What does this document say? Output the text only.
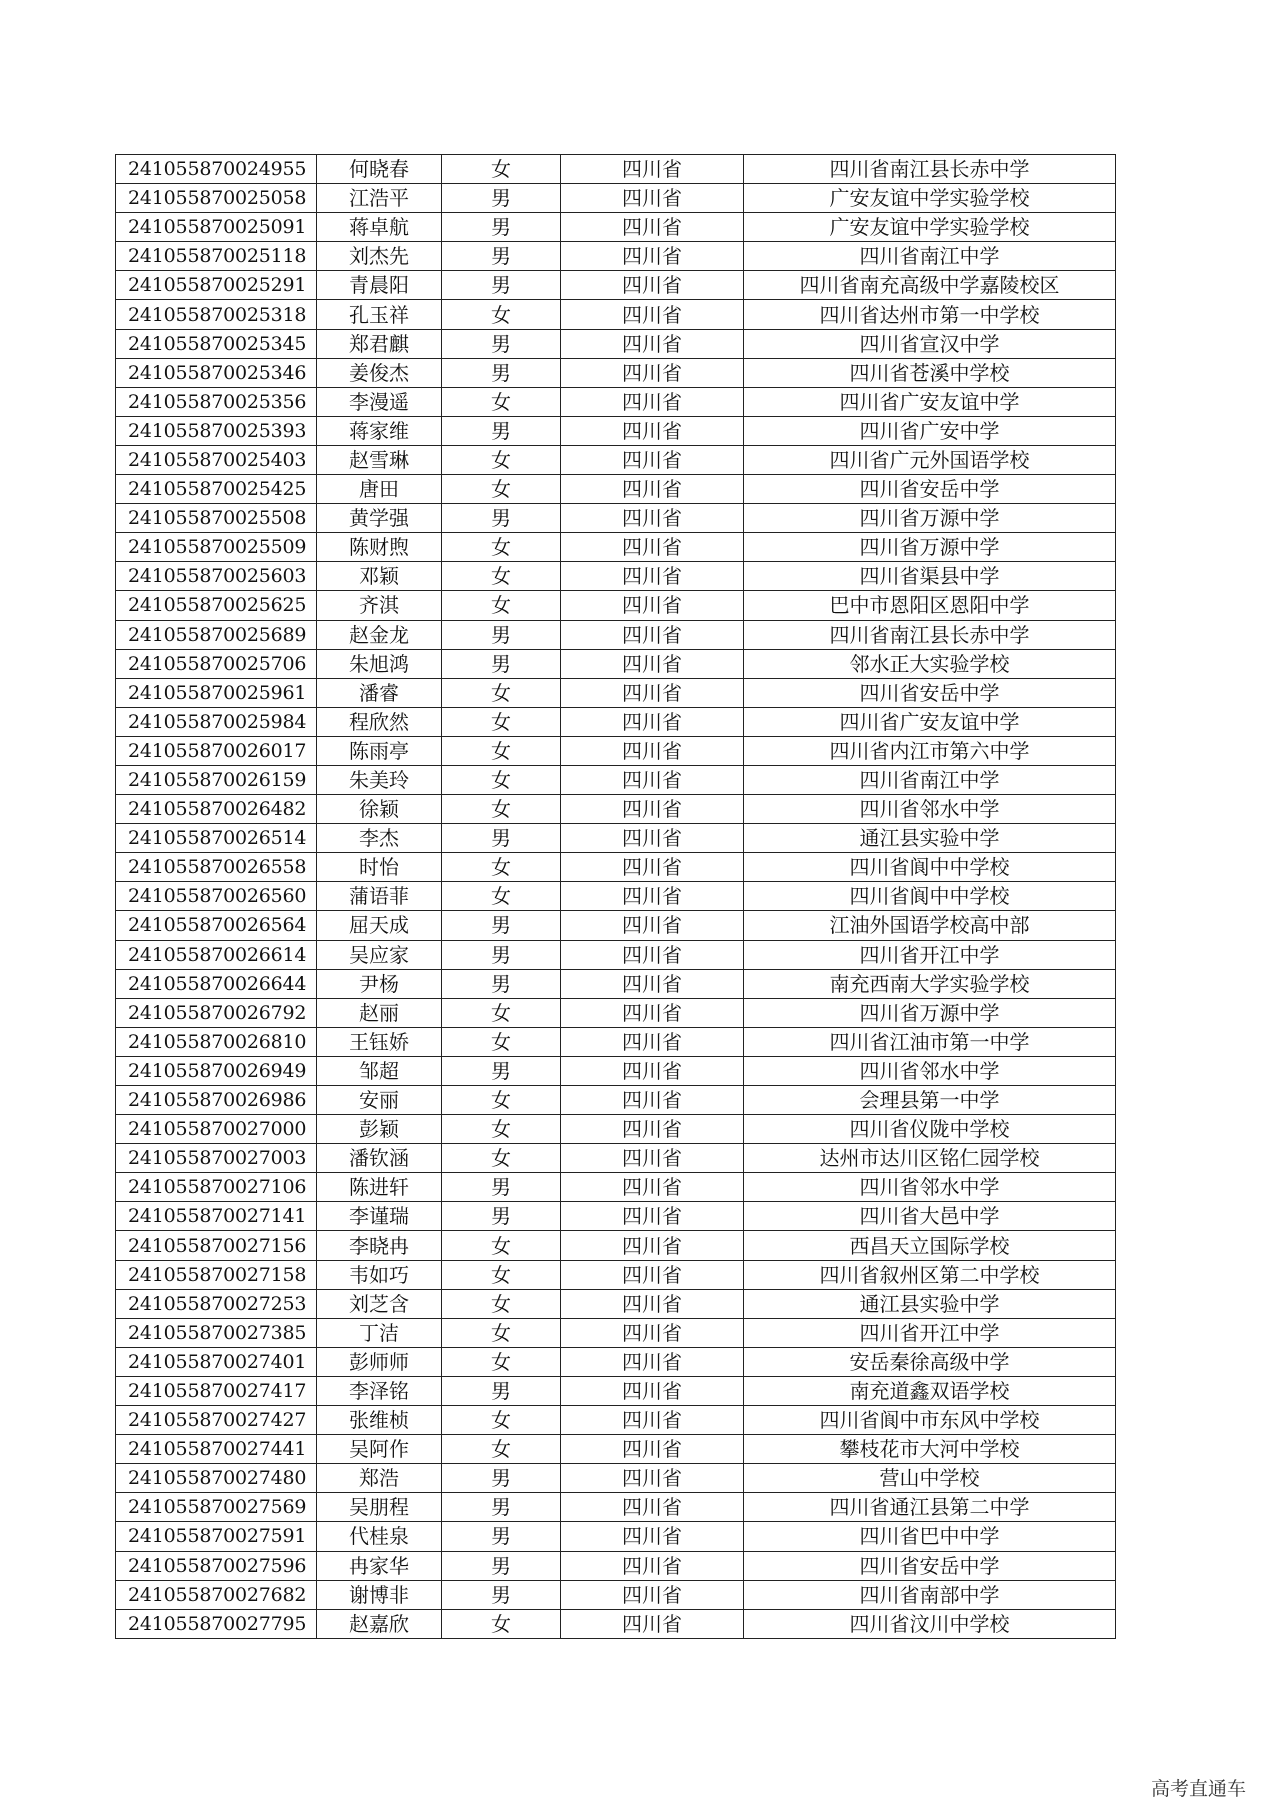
241055870024955	何晓春	女	四川省	四川省南江县长赤中学
241055870025058	江浩平	男	四川省	广安友谊中学实验学校
241055870025091	蒋卓航	男	四川省	广安友谊中学实验学校
241055870025118	刘杰先	男	四川省	四川省南江中学
241055870025291	青晨阳	男	四川省	四川省南充高级中学嘉陵校区
241055870025318	孔玉祥	女	四川省	四川省达州市第一中学校
241055870025345	郑君麒	男	四川省	四川省宣汉中学
241055870025346	姜俊杰	男	四川省	四川省苍溪中学校
241055870025356	李漫遥	女	四川省	四川省广安友谊中学
241055870025393	蒋家维	男	四川省	四川省广安中学
241055870025403	赵雪琳	女	四川省	四川省广元外国语学校
241055870025425	唐田	女	四川省	四川省安岳中学
241055870025508	黄学强	男	四川省	四川省万源中学
241055870025509	陈财煦	女	四川省	四川省万源中学
241055870025603	邓颖	女	四川省	四川省渠县中学
241055870025625	齐淇	女	四川省	巴中市恩阳区恩阳中学
241055870025689	赵金龙	男	四川省	四川省南江县长赤中学
241055870025706	朱旭鸿	男	四川省	邻水正大实验学校
241055870025961	潘睿	女	四川省	四川省安岳中学
241055870025984	程欣然	女	四川省	四川省广安友谊中学
241055870026017	陈雨亭	女	四川省	四川省内江市第六中学
241055870026159	朱美玲	女	四川省	四川省南江中学
241055870026482	徐颖	女	四川省	四川省邻水中学
241055870026514	李杰	男	四川省	通江县实验中学
241055870026558	时怡	女	四川省	四川省阆中中学校
241055870026560	蒲语菲	女	四川省	四川省阆中中学校
241055870026564	屈天成	男	四川省	江油外国语学校高中部
241055870026614	吴应家	男	四川省	四川省开江中学
241055870026644	尹杨	男	四川省	南充西南大学实验学校
241055870026792	赵丽	女	四川省	四川省万源中学
241055870026810	王钰娇	女	四川省	四川省江油市第一中学
241055870026949	邹超	男	四川省	四川省邻水中学
241055870026986	安丽	女	四川省	会理县第一中学
241055870027000	彭颖	女	四川省	四川省仪陇中学校
241055870027003	潘钦涵	女	四川省	达州市达川区铭仁园学校
241055870027106	陈进轩	男	四川省	四川省邻水中学
241055870027141	李谨瑞	男	四川省	四川省大邑中学
241055870027156	李晓冉	女	四川省	西昌天立国际学校
241055870027158	韦如巧	女	四川省	四川省叙州区第二中学校
241055870027253	刘芝含	女	四川省	通江县实验中学
241055870027385	丁洁	女	四川省	四川省开江中学
241055870027401	彭师师	女	四川省	安岳秦徐高级中学
241055870027417	李泽铭	男	四川省	南充道鑫双语学校
241055870027427	张维桢	女	四川省	四川省阆中市东风中学校
241055870027441	吴阿作	女	四川省	攀枝花市大河中学校
241055870027480	郑浩	男	四川省	营山中学校
241055870027569	吴朋程	男	四川省	四川省通江县第二中学
241055870027591	代桂泉	男	四川省	四川省巴中中学
241055870027596	冉家华	男	四川省	四川省安岳中学
241055870027682	谢博非	男	四川省	四川省南部中学
241055870027795	赵嘉欣	女	四川省	四川省汶川中学校
高考直通车
